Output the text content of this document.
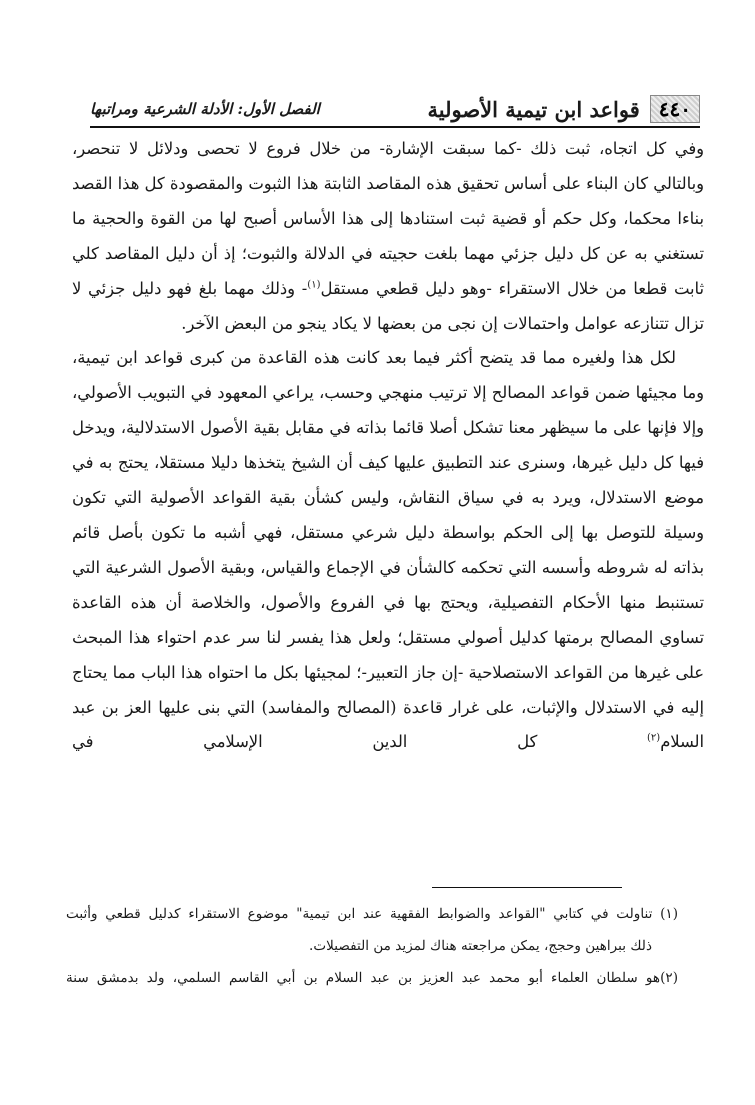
٤٤٠
قواعد ابن تيمية الأصولية
الفصل الأول: الأدلة الشرعية ومراتبها

وفي كل اتجاه، ثبت ذلك -كما سبقت الإشارة- من خلال فروع لا تحصى ودلائل لا تنحصر، وبالتالي كان البناء على أساس تحقيق هذه المقاصد الثابتة هذا الثبوت والمقصودة كل هذا القصد بناءا محكما، وكل حكم أو قضية ثبت استنادها إلى هذا الأساس أصبح لها من القوة والحجية ما تستغني به عن كل دليل جزئي مهما بلغت حجيته في الدلالة والثبوت؛ إذ أن دليل المقاصد كلي ثابت قطعا من خلال الاستقراء -وهو دليل قطعي مستقل$^{(١)}$- وذلك مهما بلغ فهو دليل جزئي لا تزال تتنازعه عوامل واحتمالات إن نجى من بعضها لا يكاد ينجو من البعض الآخر.

لكل هذا ولغيره مما قد يتضح أكثر فيما بعد كانت هذه القاعدة من كبرى قواعد ابن تيمية، وما مجيئها ضمن قواعد المصالح إلا ترتيب منهجي وحسب، يراعي المعهود في التبويب الأصولي، وإلا فإنها على ما سيظهر معنا تشكل أصلا قائما بذاته في مقابل بقية الأصول الاستدلالية، ويدخل فيها كل دليل غيرها، وسنرى عند التطبيق عليها كيف أن الشيخ يتخذها دليلا مستقلا، يحتج به في موضع الاستدلال، ويرد به في سياق النقاش، وليس كشأن بقية القواعد الأصولية التي تكون وسيلة للتوصل بها إلى الحكم بواسطة دليل شرعي مستقل، فهي أشبه ما تكون بأصل قائم بذاته له شروطه وأسسه التي تحكمه كالشأن في الإجماع والقياس، وبقية الأصول الشرعية التي تستنبط منها الأحكام التفصيلية، ويحتج بها في الفروع والأصول، والخلاصة أن هذه القاعدة تساوي المصالح برمتها كدليل أصولي مستقل؛ ولعل هذا يفسر لنا سر عدم احتواء هذا المبحث على غيرها من القواعد الاستصلاحية -إن جاز التعبير-؛ لمجيئها بكل ما احتواه هذا الباب مما يحتاج إليه في الاستدلال والإثبات، على غرار قاعدة (المصالح والمفاسد) التي بنى عليها العز بن عبد السلام$^{(٢)}$ كل الدين الإسلامي في

(١) تناولت في كتابي "القواعد والضوابط الفقهية عند ابن تيمية" موضوع الاستقراء كدليل قطعي وأثبت

ذلك ببراهين وحجج، يمكن مراجعته هناك لمزيد من التفصيلات.

(٢)هو سلطان العلماء أبو محمد عبد العزيز بن عبد السلام بن أبي القاسم السلمي، ولد بدمشق سنة
